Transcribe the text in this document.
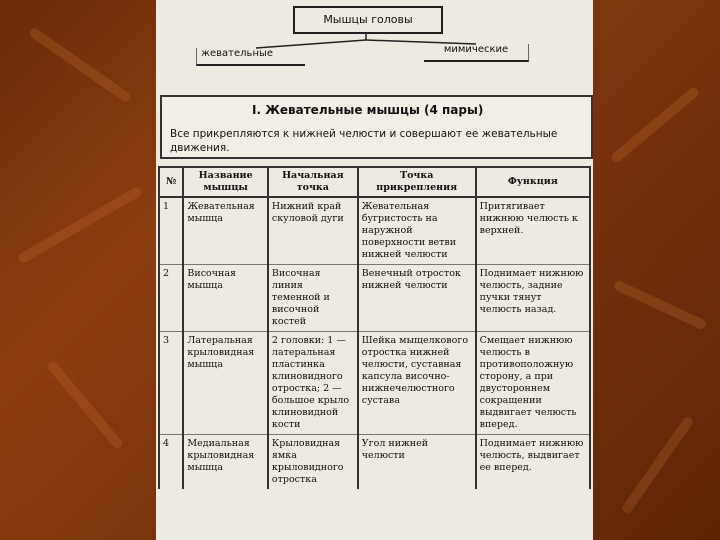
Мышцы головы
жевательные	мимические
I. Жевательные мышцы (4 пары)
Все прикрепляются к нижней челюсти и совершают ее жевательные движения.
№	Название мышцы	Начальная точка	Точка прикрепления	Функция
1	Жевательная мышца	Нижний край скуловой дуги	Жевательная бугристость на наружной поверхности ветви нижней челюсти	Притягивает нижнюю челюсть к верхней.
2	Височная мышца	Височная линия теменной и височной костей	Венечный отросток нижней челюсти	Поднимает нижнюю челюсть, задние пучки тянут челюсть назад.
3	Латеральная крыловидная мышца	2 головки: 1 — латеральная пластинка клиновидного отростка; 2 — большое крыло клиновидной кости	Шейка мыщелкового отростка нижней челюсти, суставная капсула височно-нижнечелюстного сустава	Смещает нижнюю челюсть в противоположную сторону, а при двустороннем сокращении выдвигает челюсть вперед.
4	Медиальная крыловидная мышца	Крыловидная ямка крыловидного отростка	Угол нижней челюсти	Поднимает нижнюю челюсть, выдвигает ее вперед.
